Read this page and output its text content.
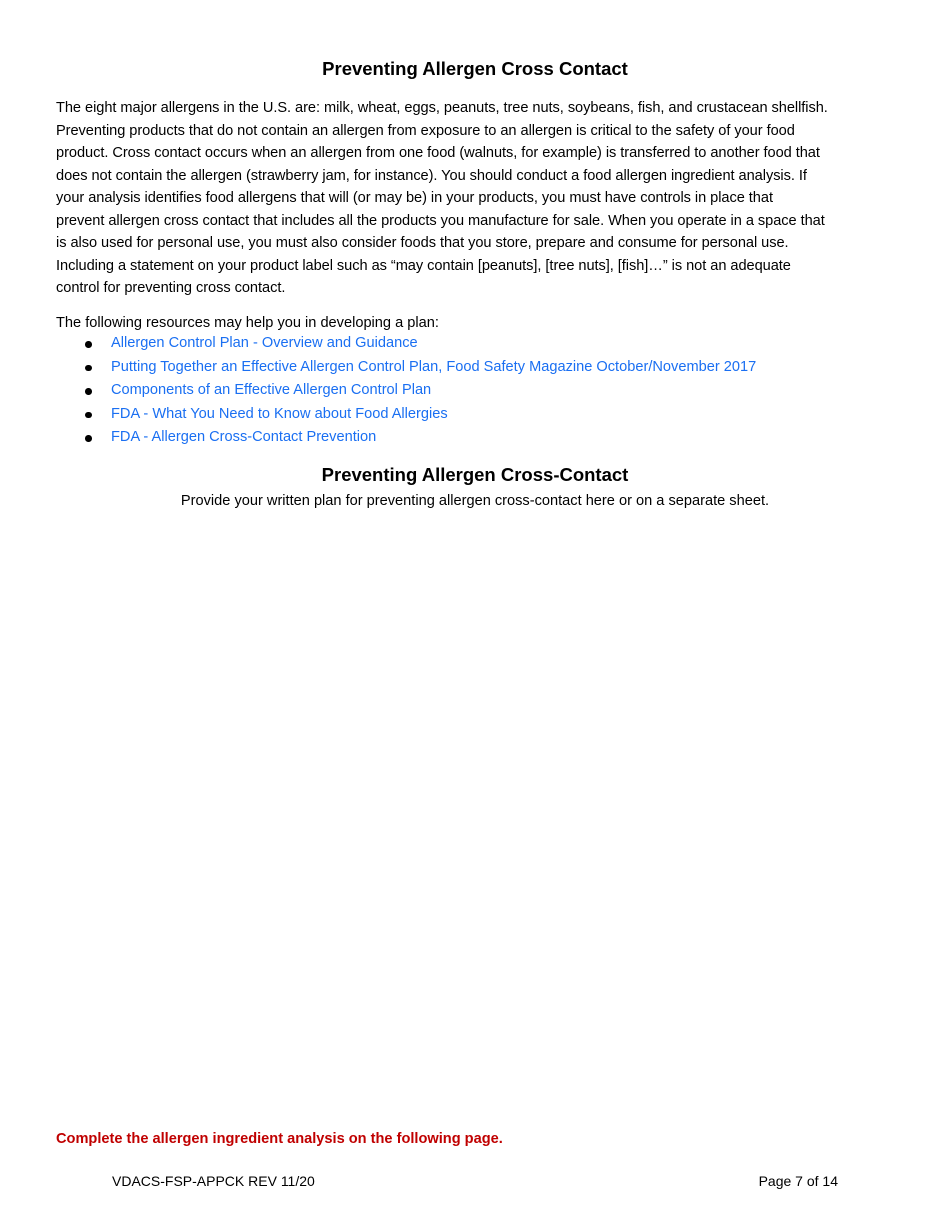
Preventing Allergen Cross Contact

The eight major allergens in the U.S. are: milk, wheat, eggs, peanuts, tree nuts, soybeans, fish, and crustacean shellfish.
Preventing products that do not contain an allergen from exposure to an allergen is critical to the safety of your food
product. Cross contact occurs when an allergen from one food (walnuts, for example) is transferred to another food that
does not contain the allergen (strawberry jam, for instance). You should conduct a food allergen ingredient analysis. If
your analysis identifies food allergens that will (or may be) in your products, you must have controls in place that
prevent allergen cross contact that includes all the products you manufacture for sale. When you operate in a space that
is also used for personal use, you must also consider foods that you store, prepare and consume for personal use.
Including a statement on your product label such as “may contain [peanuts], [tree nuts], [fish]…” is not an adequate
control for preventing cross contact.

The following resources may help you in developing a plan:
Allergen Control Plan - Overview and Guidance
Putting Together an Effective Allergen Control Plan, Food Safety Magazine October/November 2017
Components of an Effective Allergen Control Plan
FDA - What You Need to Know about Food Allergies
FDA - Allergen Cross-Contact Prevention
Preventing Allergen Cross-Contact
Provide your written plan for preventing allergen cross-contact here or on a separate sheet.
Complete the allergen ingredient analysis on the following page.
VDACS-FSP-APPCK REV 11/20	Page 7 of 14
